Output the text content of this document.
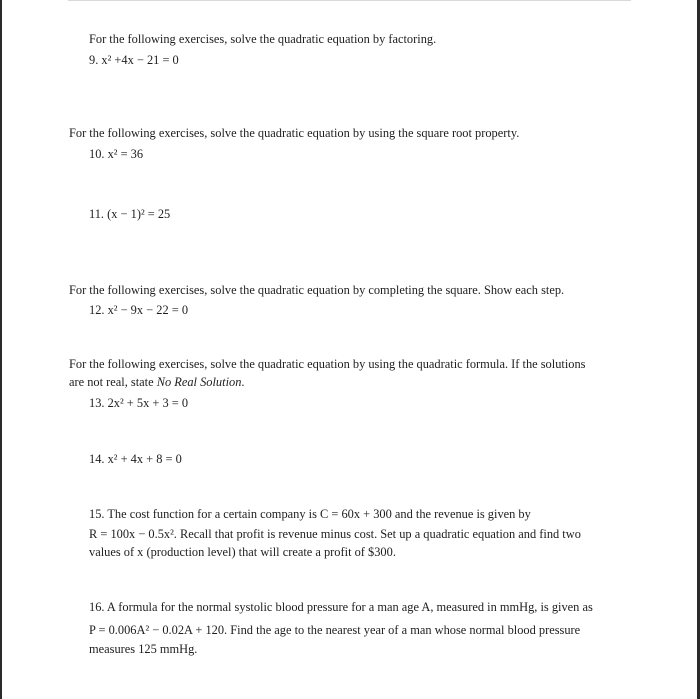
For the following exercises, solve the quadratic equation by factoring.
9. x² +4x − 21 = 0
For the following exercises, solve the quadratic equation by using the square root property.
10. x² = 36
11. (x − 1)² = 25
For the following exercises, solve the quadratic equation by completing the square. Show each step.
12. x² − 9x − 22 = 0
For the following exercises, solve the quadratic equation by using the quadratic formula. If the solutions
are not real, state No Real Solution.
13. 2x² + 5x + 3 = 0
14. x² + 4x + 8 = 0
15. The cost function for a certain company is C = 60x + 300 and the revenue is given by
R = 100x − 0.5x². Recall that profit is revenue minus cost. Set up a quadratic equation and find two
values of x (production level) that will create a profit of $300.
16. A formula for the normal systolic blood pressure for a man age A, measured in mmHg, is given as
P = 0.006A² − 0.02A + 120. Find the age to the nearest year of a man whose normal blood pressure
measures 125 mmHg.
